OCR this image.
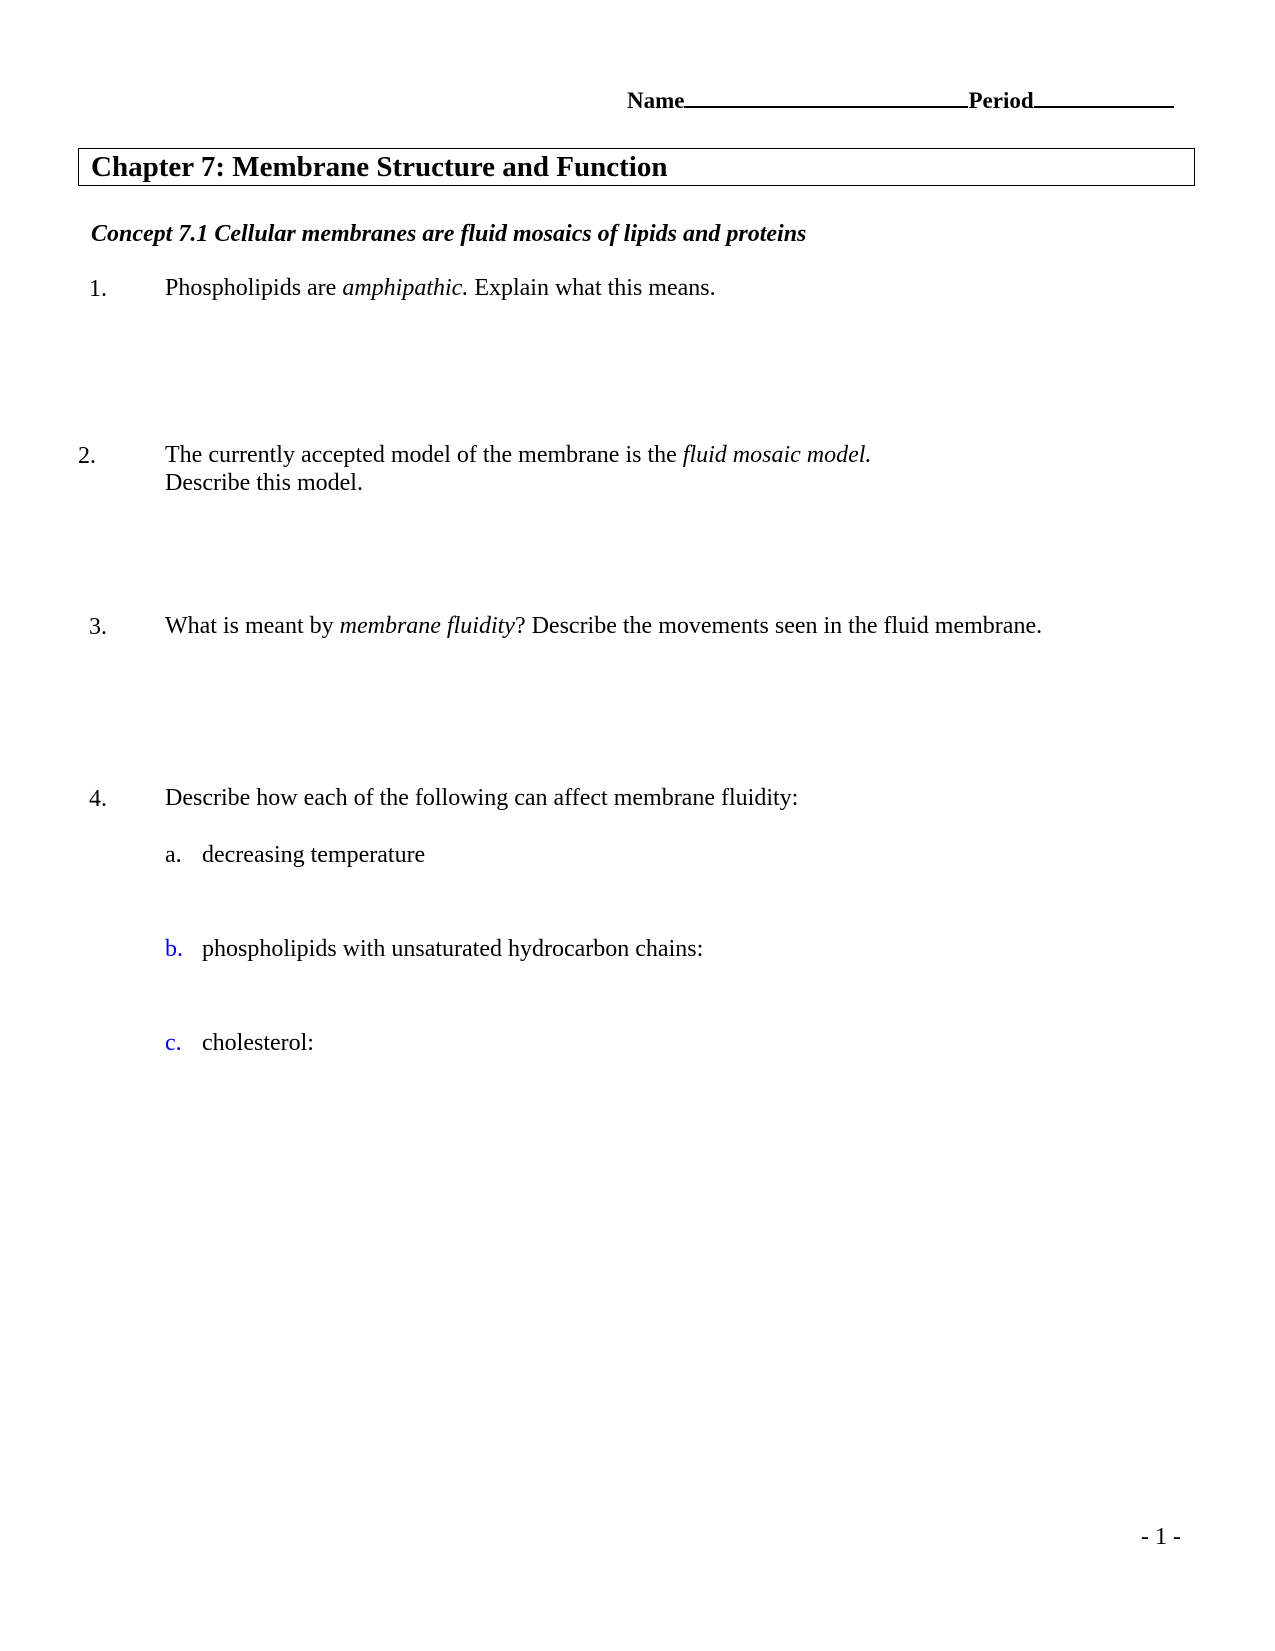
Name	Period
Chapter 7: Membrane Structure and Function
Concept 7.1 Cellular membranes are fluid mosaics of lipids and proteins
1. Phospholipids are amphipathic. Explain what this means.
2.	The currently accepted model of the membrane is the fluid mosaic model.
Describe this model.
3. What is meant by membrane fluidity? Describe the movements seen in the fluid membrane.
4. Describe how each of the following can affect membrane fluidity:
a. decreasing temperature
b. phospholipids with unsaturated hydrocarbon chains:
c. cholesterol:
- 1 -
